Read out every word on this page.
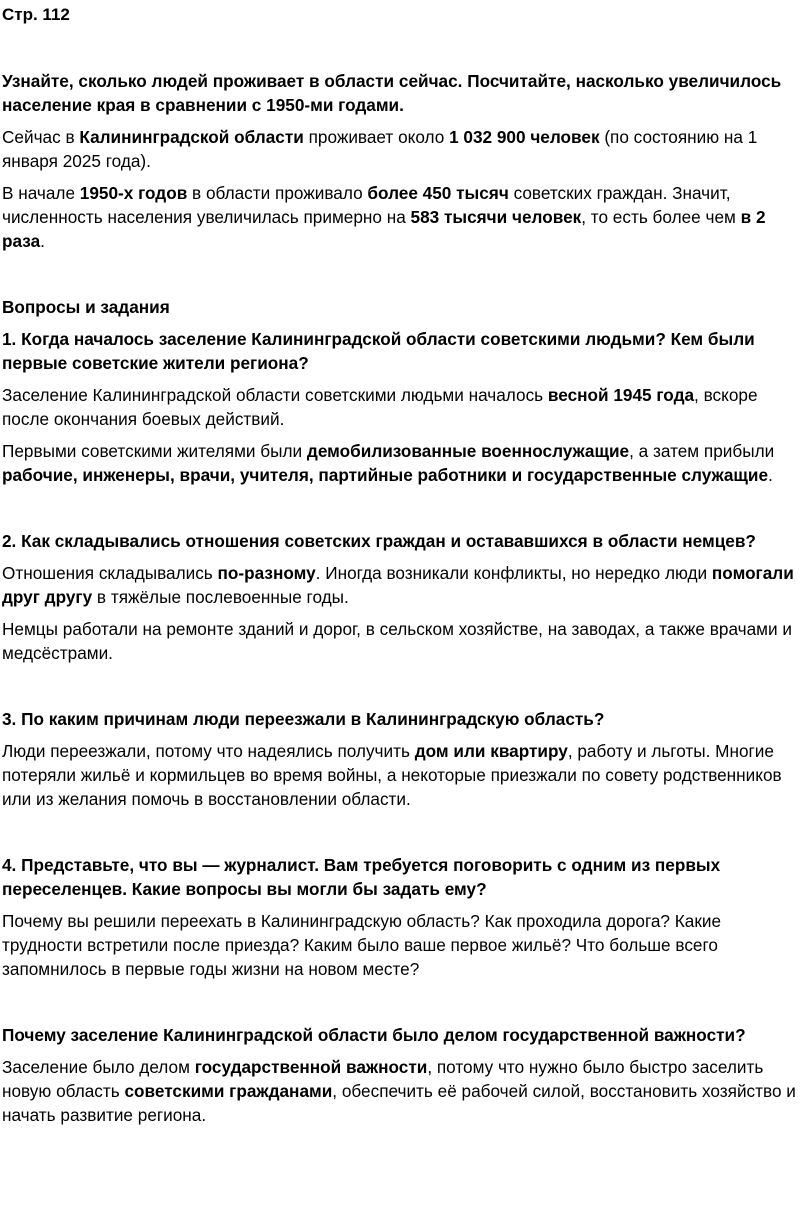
Стр. 112
Узнайте, сколько людей проживает в области сейчас. Посчитайте, насколько увеличилось население края в сравнении с 1950-ми годами.
Сейчас в Калининградской области проживает около 1 032 900 человек (по состоянию на 1 января 2025 года).
В начале 1950-х годов в области проживало более 450 тысяч советских граждан. Значит, численность населения увеличилась примерно на 583 тысячи человек, то есть более чем в 2 раза.
Вопросы и задания
1. Когда началось заселение Калининградской области советскими людьми? Кем были первые советские жители региона?
Заселение Калининградской области советскими людьми началось весной 1945 года, вскоре после окончания боевых действий.
Первыми советскими жителями были демобилизованные военнослужащие, а затем прибыли рабочие, инженеры, врачи, учителя, партийные работники и государственные служащие.
2. Как складывались отношения советских граждан и остававшихся в области немцев?
Отношения складывались по-разному. Иногда возникали конфликты, но нередко люди помогали друг другу в тяжёлые послевоенные годы.
Немцы работали на ремонте зданий и дорог, в сельском хозяйстве, на заводах, а также врачами и медсёстрами.
3. По каким причинам люди переезжали в Калининградскую область?
Люди переезжали, потому что надеялись получить дом или квартиру, работу и льготы. Многие потеряли жильё и кормильцев во время войны, а некоторые приезжали по совету родственников или из желания помочь в восстановлении области.
4. Представьте, что вы — журналист. Вам требуется поговорить с одним из первых переселенцев. Какие вопросы вы могли бы задать ему?
Почему вы решили переехать в Калининградскую область? Как проходила дорога? Какие трудности встретили после приезда? Каким было ваше первое жильё? Что больше всего запомнилось в первые годы жизни на новом месте?
Почему заселение Калининградской области было делом государственной важности?
Заселение было делом государственной важности, потому что нужно было быстро заселить новую область советскими гражданами, обеспечить её рабочей силой, восстановить хозяйство и начать развитие региона.
